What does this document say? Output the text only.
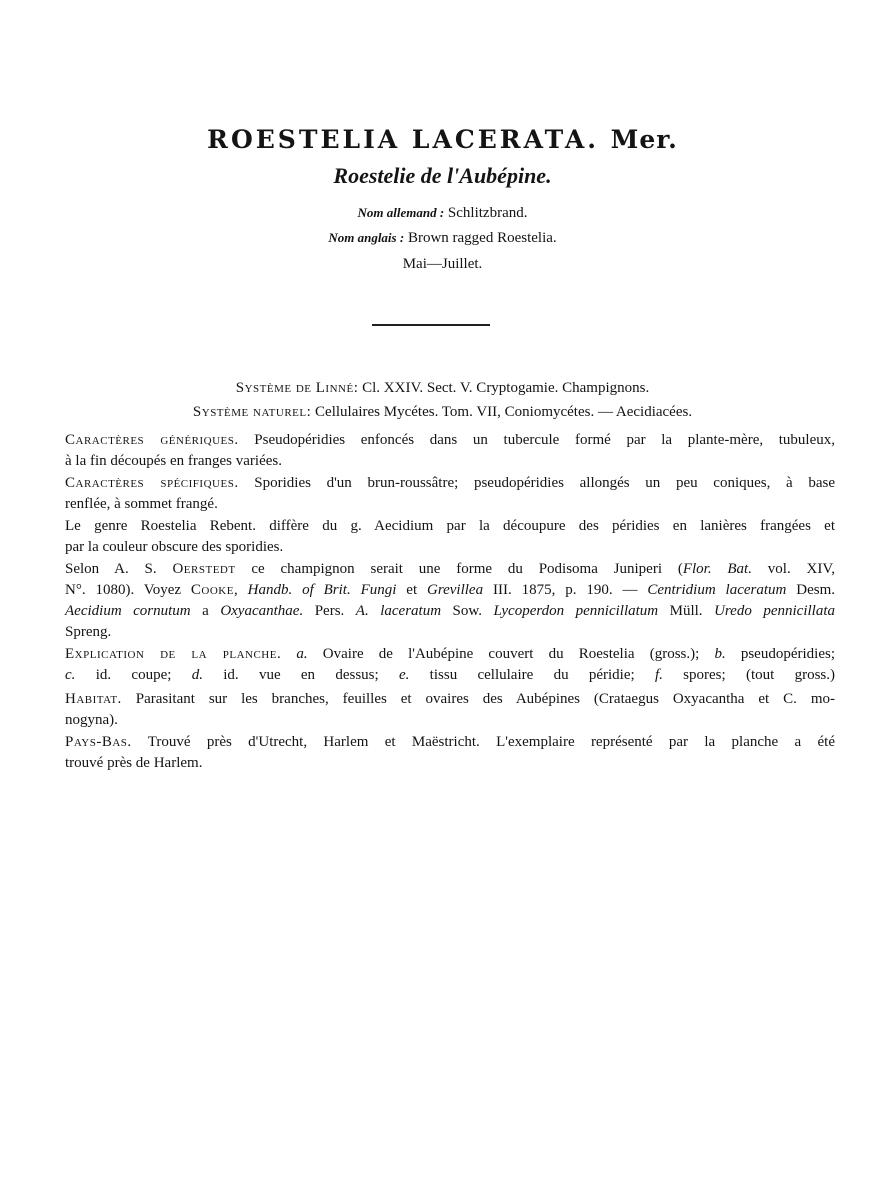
ROESTELIA LACERATA. Mer.
Roestelie de l'Aubépine.
Nom allemand : Schlitzbrand.
Nom anglais : Brown ragged Roestelia.
Mai—Juillet.
Système de Linné: Cl. XXIV. Sect. V. Cryptogamie. Champignons.
Système naturel: Cellulaires Mycétes. Tom. VII, Coniomycétes. — Aecidiacées.
Caractères génériques. Pseudopéridies enfoncés dans un tubercule formé par la plante-mère, tubuleux,
à la fin découpés en franges variées.
Caractères spécifiques. Sporidies d'un brun-roussâtre; pseudopéridies allongés un peu coniques, à base
renflée, à sommet frangé.
Le genre Roestelia Rebent. diffère du g. Aecidium par la découpure des péridies en lanières frangées et
par la couleur obscure des sporidies.
Selon A. S. Oerstedt ce champignon serait une forme du Podisoma Juniperi (Flor. Bat. vol. XIV,
N°. 1080). Voyez Cooke, Handb. of Brit. Fungi et Grevillea III. 1875, p. 190. — Centridium laceratum Desm.
Aecidium cornutum a Oxyacanthae. Pers. A. laceratum Sow. Lycoperdon pennicillatum Müll. Uredo pennicillata
Spreng.
Explication de la planche. a. Ovaire de l'Aubépine couvert du Roestelia (gross.); b. pseudopéridies;
c. id. coupe; d. id. vue en dessus; e. tissu cellulaire du péridie; f. spores; (tout gross.)
Habitat. Parasitant sur les branches, feuilles et ovaires des Aubépines (Crataegus Oxyacantha et C. mo-
nogyna).
Pays-Bas. Trouvé près d'Utrecht, Harlem et Maëstricht. L'exemplaire représenté par la planche a été
trouvé près de Harlem.
